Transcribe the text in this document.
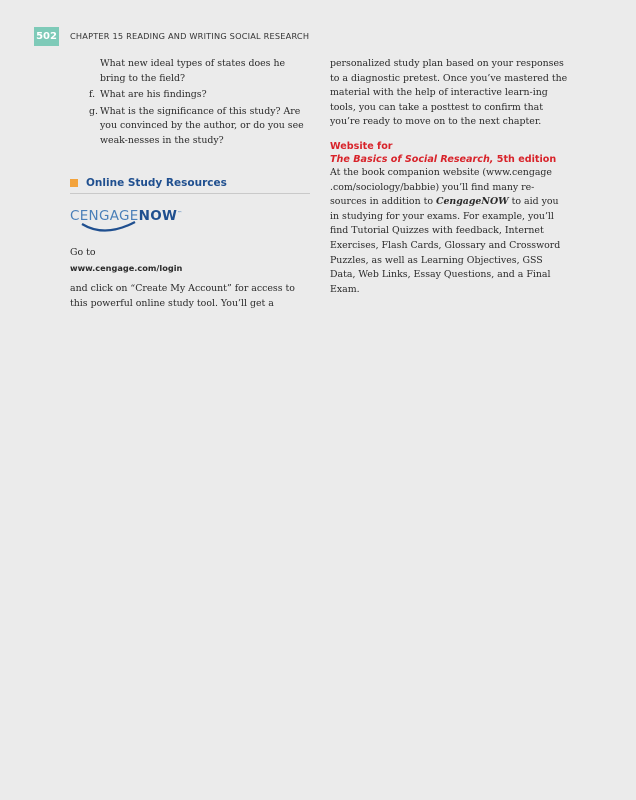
502 CHAPTER 15 READING AND WRITING SOCIAL RESEARCH
What new ideal types of states does he bring to the field?
f. What are his findings?
g. What is the significance of this study? Are you convinced by the author, or do you see weak-nesses in the study?
Online Study Resources
CENGAGENOW™
Go to
www.cengage.com/login
and click on “Create My Account” for access to this powerful online study tool. You’ll get a
personalized study plan based on your responses to a diagnostic pretest. Once you’ve mastered the material with the help of interactive learn-ing tools, you can take a posttest to confirm that you’re ready to move on to the next chapter.
Website for
The Basics of Social Research, 5th edition
At the book companion website (www.cengage .com/sociology/babbie) you’ll find many re-sources in addition to CengageNOW to aid you in studying for your exams. For example, you’ll find Tutorial Quizzes with feedback, Internet Exercises, Flash Cards, Glossary and Crossword Puzzles, as well as Learning Objectives, GSS Data, Web Links, Essay Questions, and a Final Exam.
